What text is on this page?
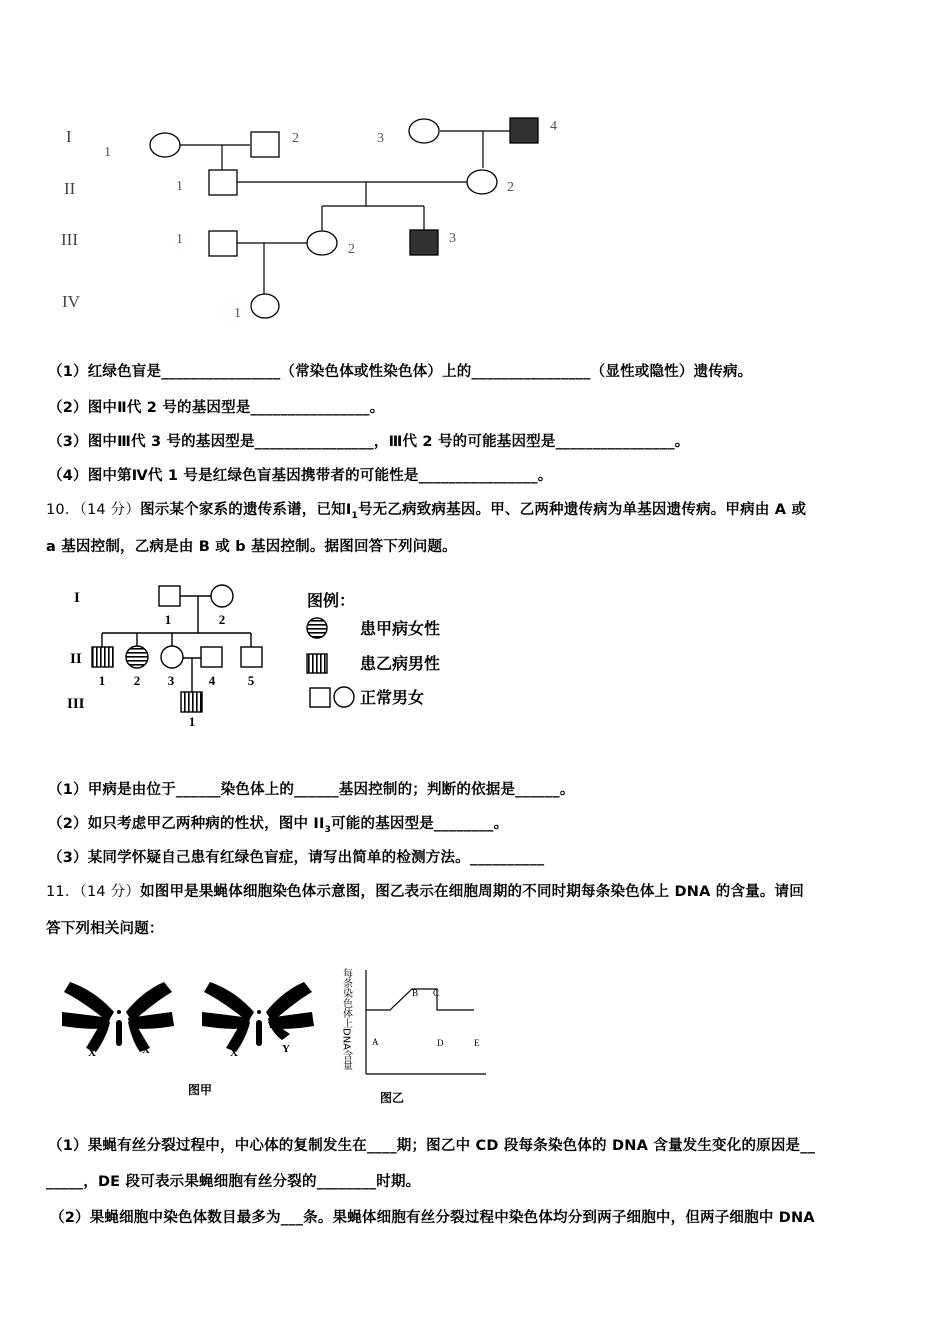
I
II
III
IV
1
2	3
4
1	2
1
2
3
1
（1）红绿色盲是________________（常染色体或性染色体）上的________________（显性或隐性）遗传病。
（2）图中Ⅱ代 2 号的基因型是________________。
（3）图中Ⅲ代 3 号的基因型是________________，Ⅲ代 2 号的可能基因型是________________。
（4）图中第Ⅳ代 1 号是红绿色盲基因携带者的可能性是________________。
10．（14 分）图示某个家系的遗传系谱，已知$Ⅰ_1$号无乙病致病基因。甲、乙两种遗传病为单基因遗传病。甲病由 A 或
a 基因控制，乙病是由 B 或 b 基因控制。据图回答下列问题。
I
II
III
1	2
1 2 3	4	5
1
图例：
患甲病女性
患乙病男性
正常男女
（1）甲病是由位于______染色体上的______基因控制的；判断的依据是______。
（2）如只考虑甲乙两种病的性状，图中 $II_3$可能的基因型是________。
（3）某同学怀疑自己患有红绿色盲症，请写出简单的检测方法。__________
11．（14 分）如图甲是果蝇体细胞染色体示意图，图乙表示在细胞周期的不同时期每条染色体上 DNA 的含量。请回
答下列相关问题：
X	X	X	Y
图甲
每条染色体上DNA含量 A
B C
D	E
图乙
（1）果蝇有丝分裂过程中，中心体的复制发生在____期；图乙中 CD 段每条染色体的 DNA 含量发生变化的原因是__
_____，DE 段可表示果蝇细胞有丝分裂的________时期。
（2）果蝇细胞中染色体数目最多为___条。果蝇体细胞有丝分裂过程中染色体均分到两子细胞中，但两子细胞中 DNA
